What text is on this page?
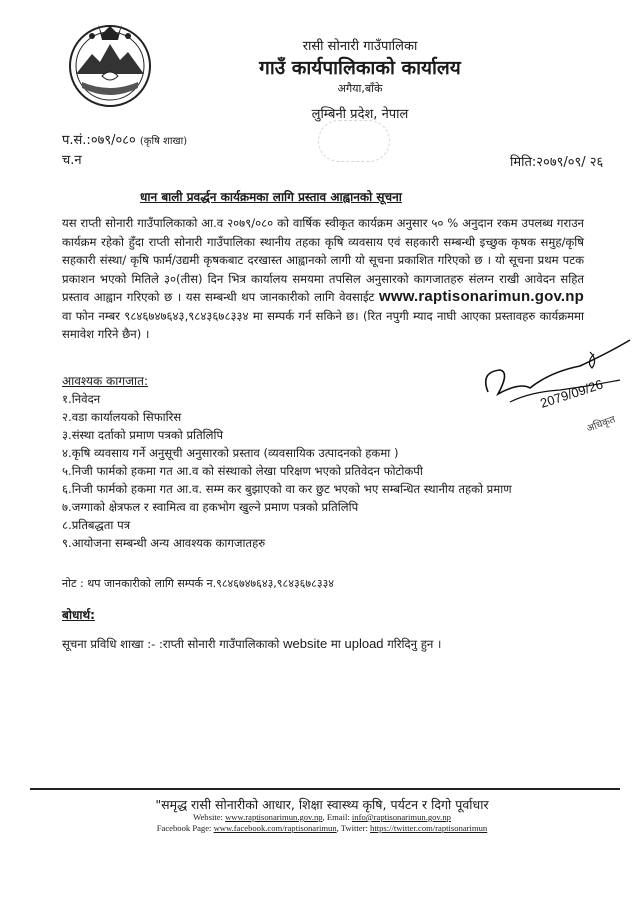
रासी सोनारी गाउँपालिका
गाउँ कार्यपालिकाको कार्यालय
अगैया,बाँके
लुम्बिनी प्रदेश, नेपाल
प.सं.:०७९/०८० (कृषि शाखा)
च.न	मिति:२०७९/०९/ २६
धान बाली प्रवर्द्धन कार्यक्रमका लागि प्रस्ताव आह्वानको सूचना
यस राप्ती सोनारी गाउँपालिकाको आ.व २०७९/०८० को वार्षिक स्वीकृत कार्यक्रम अनुसार ५० % अनुदान रकम उपलब्ध गराउन कार्यक्रम रहेको हुँदा राप्ती सोनारी गाउँपालिका स्थानीय तहका कृषि व्यवसाय एवं सहकारी सम्बन्धी इच्छुक कृषक समुह/कृषि सहकारी संस्था/ कृषि फार्म/उद्यमी कृषकबाट दरखास्त आह्वानको लागी यो सूचना प्रकाशित गरिएको छ । यो सूचना प्रथम पटक प्रकाशन भएको मितिले ३०(तीस) दिन भित्र कार्यालय समयमा तपसिल अनुसारको कागजातहरु संलग्न राखी आवेदन सहित प्रस्ताव आह्वान गरिएको छ । यस सम्बन्धी थप जानकारीको लागि वेवसाईट www.raptisonarimun.gov.np वा फोन नम्बर ९८४६७४७६४३,९८४३६७८३३४ मा सम्पर्क गर्न सकिने छ। (रित नपुगी म्याद नाघी आएका प्रस्तावहरु कार्यक्रममा समावेश गरिने छैन) ।
2079/09/26
अधिकृत
आवश्यक कागजात:
१.निवेदन
२.वडा कार्यालयको सिफारिस
३.संस्था दर्ताको प्रमाण पत्रको प्रतिलिपि
४.कृषि व्यवसाय गर्ने अनुसूची अनुसारको प्रस्ताव (व्यवसायिक उत्पादनको हकमा )
५.निजी फार्मको हकमा गत आ.व को संस्थाको लेखा परिक्षण भएको प्रतिवेदन फोटोकपी
६.निजी फार्मको हकमा गत आ.व. सम्म कर बुझाएको वा कर छुट भएको भए सम्बन्धित स्थानीय तहको प्रमाण
७.जग्गाको क्षेत्रफल र स्वामित्व वा हकभोग खुल्ने प्रमाण पत्रको प्रतिलिपि
८.प्रतिबद्धता पत्र
९.आयोजना सम्बन्धी अन्य आवश्यक कागजातहरु
नोट : थप जानकारीको लागि सम्पर्क न.९८४६७४७६४३,९८४३६७८३३४
बोधार्थ:
सूचना प्रविधि शाखा :- :राप्ती सोनारी गाउँपालिकाको website मा upload गरिदिनु हुन ।
"समृद्ध रासी सोनारीको आधार, शिक्षा स्वास्थ्य कृषि, पर्यटन र दिगो पूर्वाधार
Website: www.raptisonarimun.gov.np, Email: info@raptisonarimun.gov.np
Facebook Page: www.facebook.com/raptisonarimun, Twitter: https://twitter.com/raptisonarimun
